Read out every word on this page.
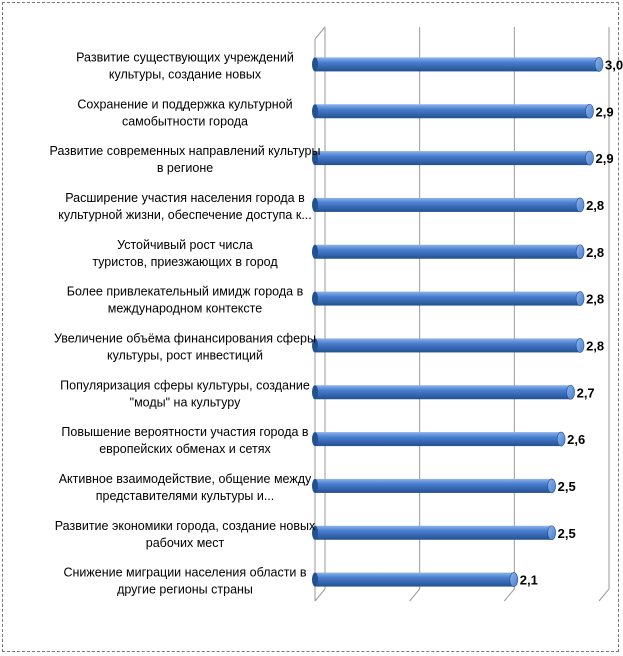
Развитие существующих учреждений культуры, создание новых
Сохранение и поддержка культурной самобытности города
Развитие современных направлений культуры в регионе
Расширение участия населения города в культурной жизни, обеспечение доступа к...
Устойчивый рост числа туристов, приезжающих в город
Более привлекательный имидж города в международном контексте
Увеличение объёма финансирования сферы культуры, рост инвестиций
Популяризация сферы культуры, создание "моды" на культуру
Повышение вероятности участия города в европейских обменах и сетях
Активное взаимодействие, общение между представителями культуры и...
Развитие экономики города, создание новых рабочих мест
Снижение миграции населения области в другие регионы страны
3,0
2,9
2,9
2,8
2,8
2,8
2,8
2,7
2,6
2,5
2,5
2,1
